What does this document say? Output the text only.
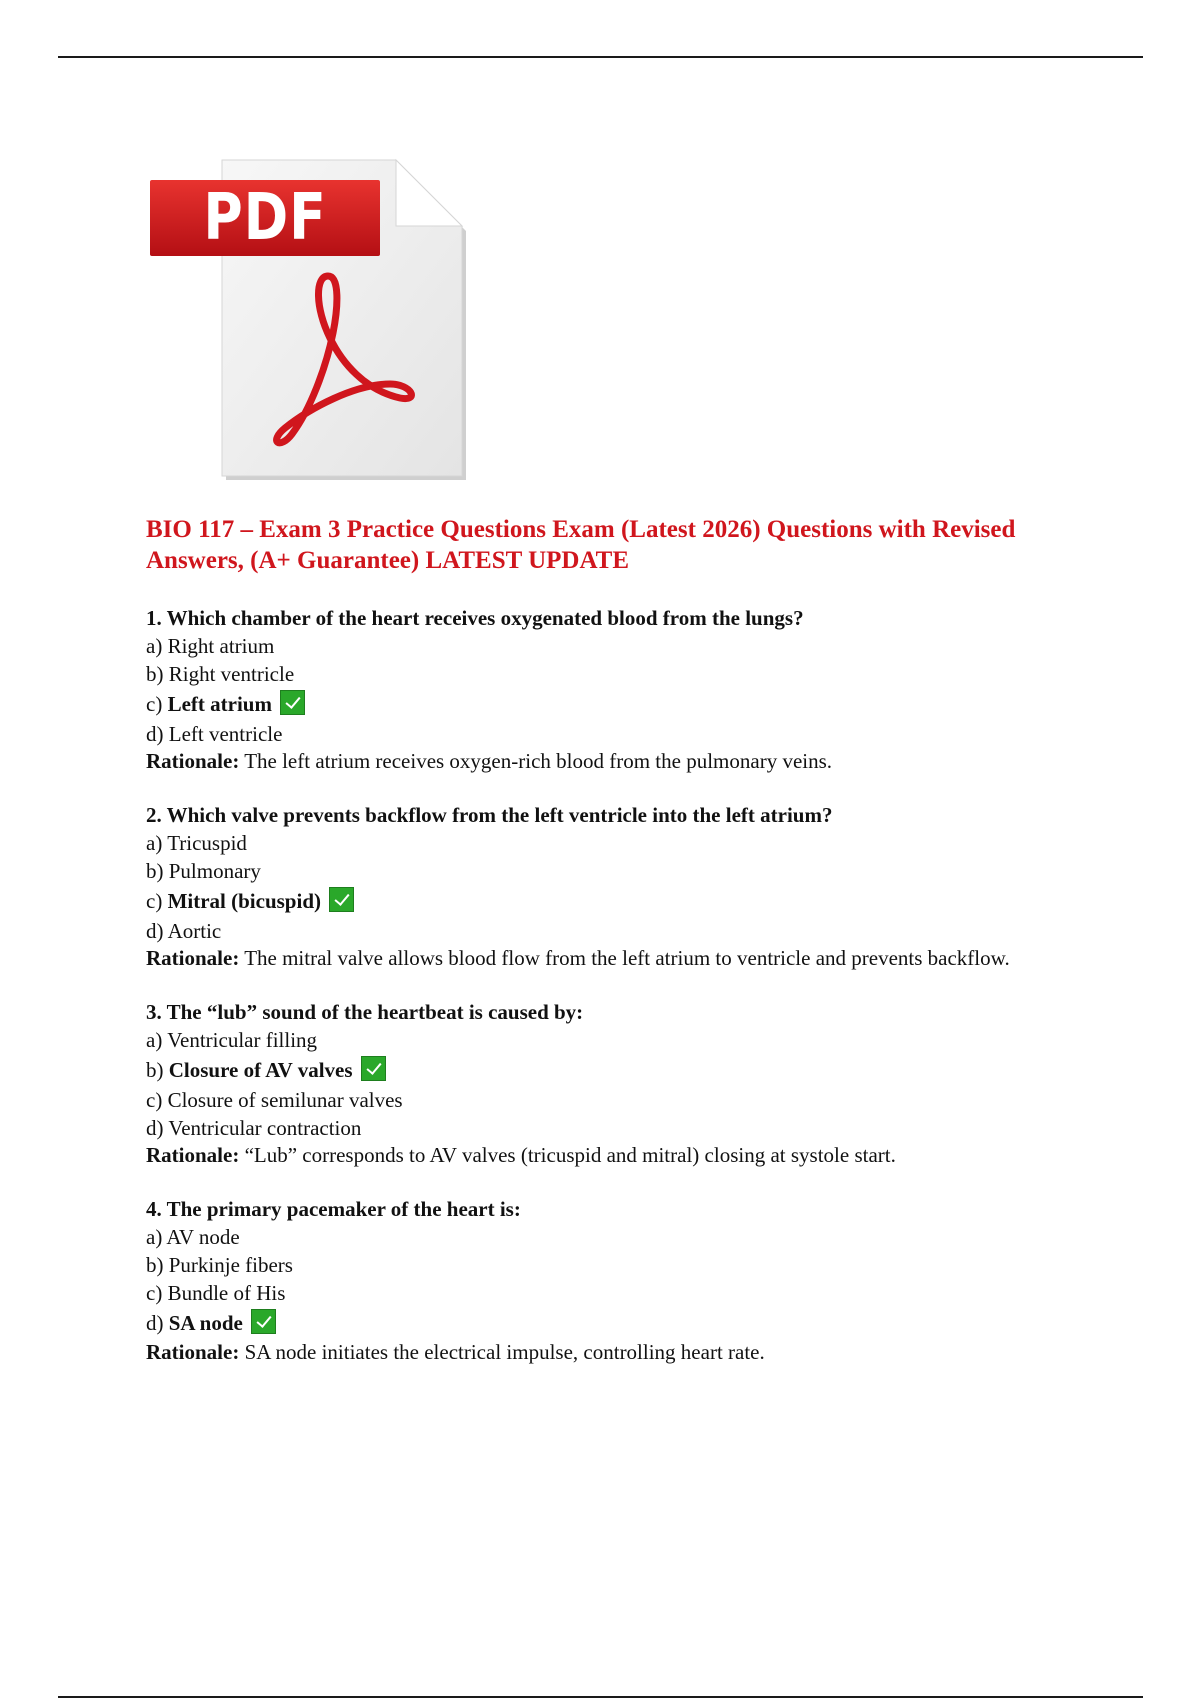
PDF
BIO 117 – Exam 3 Practice Questions Exam (Latest 2026) Questions with Revised Answers, (A+ Guarantee) LATEST UPDATE
1. Which chamber of the heart receives oxygenated blood from the lungs?
a) Right atrium
b) Right ventricle
c) Left atrium
d) Left ventricle
Rationale: The left atrium receives oxygen-rich blood from the pulmonary veins.
2. Which valve prevents backflow from the left ventricle into the left atrium?
a) Tricuspid
b) Pulmonary
c) Mitral (bicuspid)
d) Aortic
Rationale: The mitral valve allows blood flow from the left atrium to ventricle and prevents backflow.
3. The “lub” sound of the heartbeat is caused by:
a) Ventricular filling
b) Closure of AV valves
c) Closure of semilunar valves
d) Ventricular contraction
Rationale: “Lub” corresponds to AV valves (tricuspid and mitral) closing at systole start.
4. The primary pacemaker of the heart is:
a) AV node
b) Purkinje fibers
c) Bundle of His
d) SA node
Rationale: SA node initiates the electrical impulse, controlling heart rate.
